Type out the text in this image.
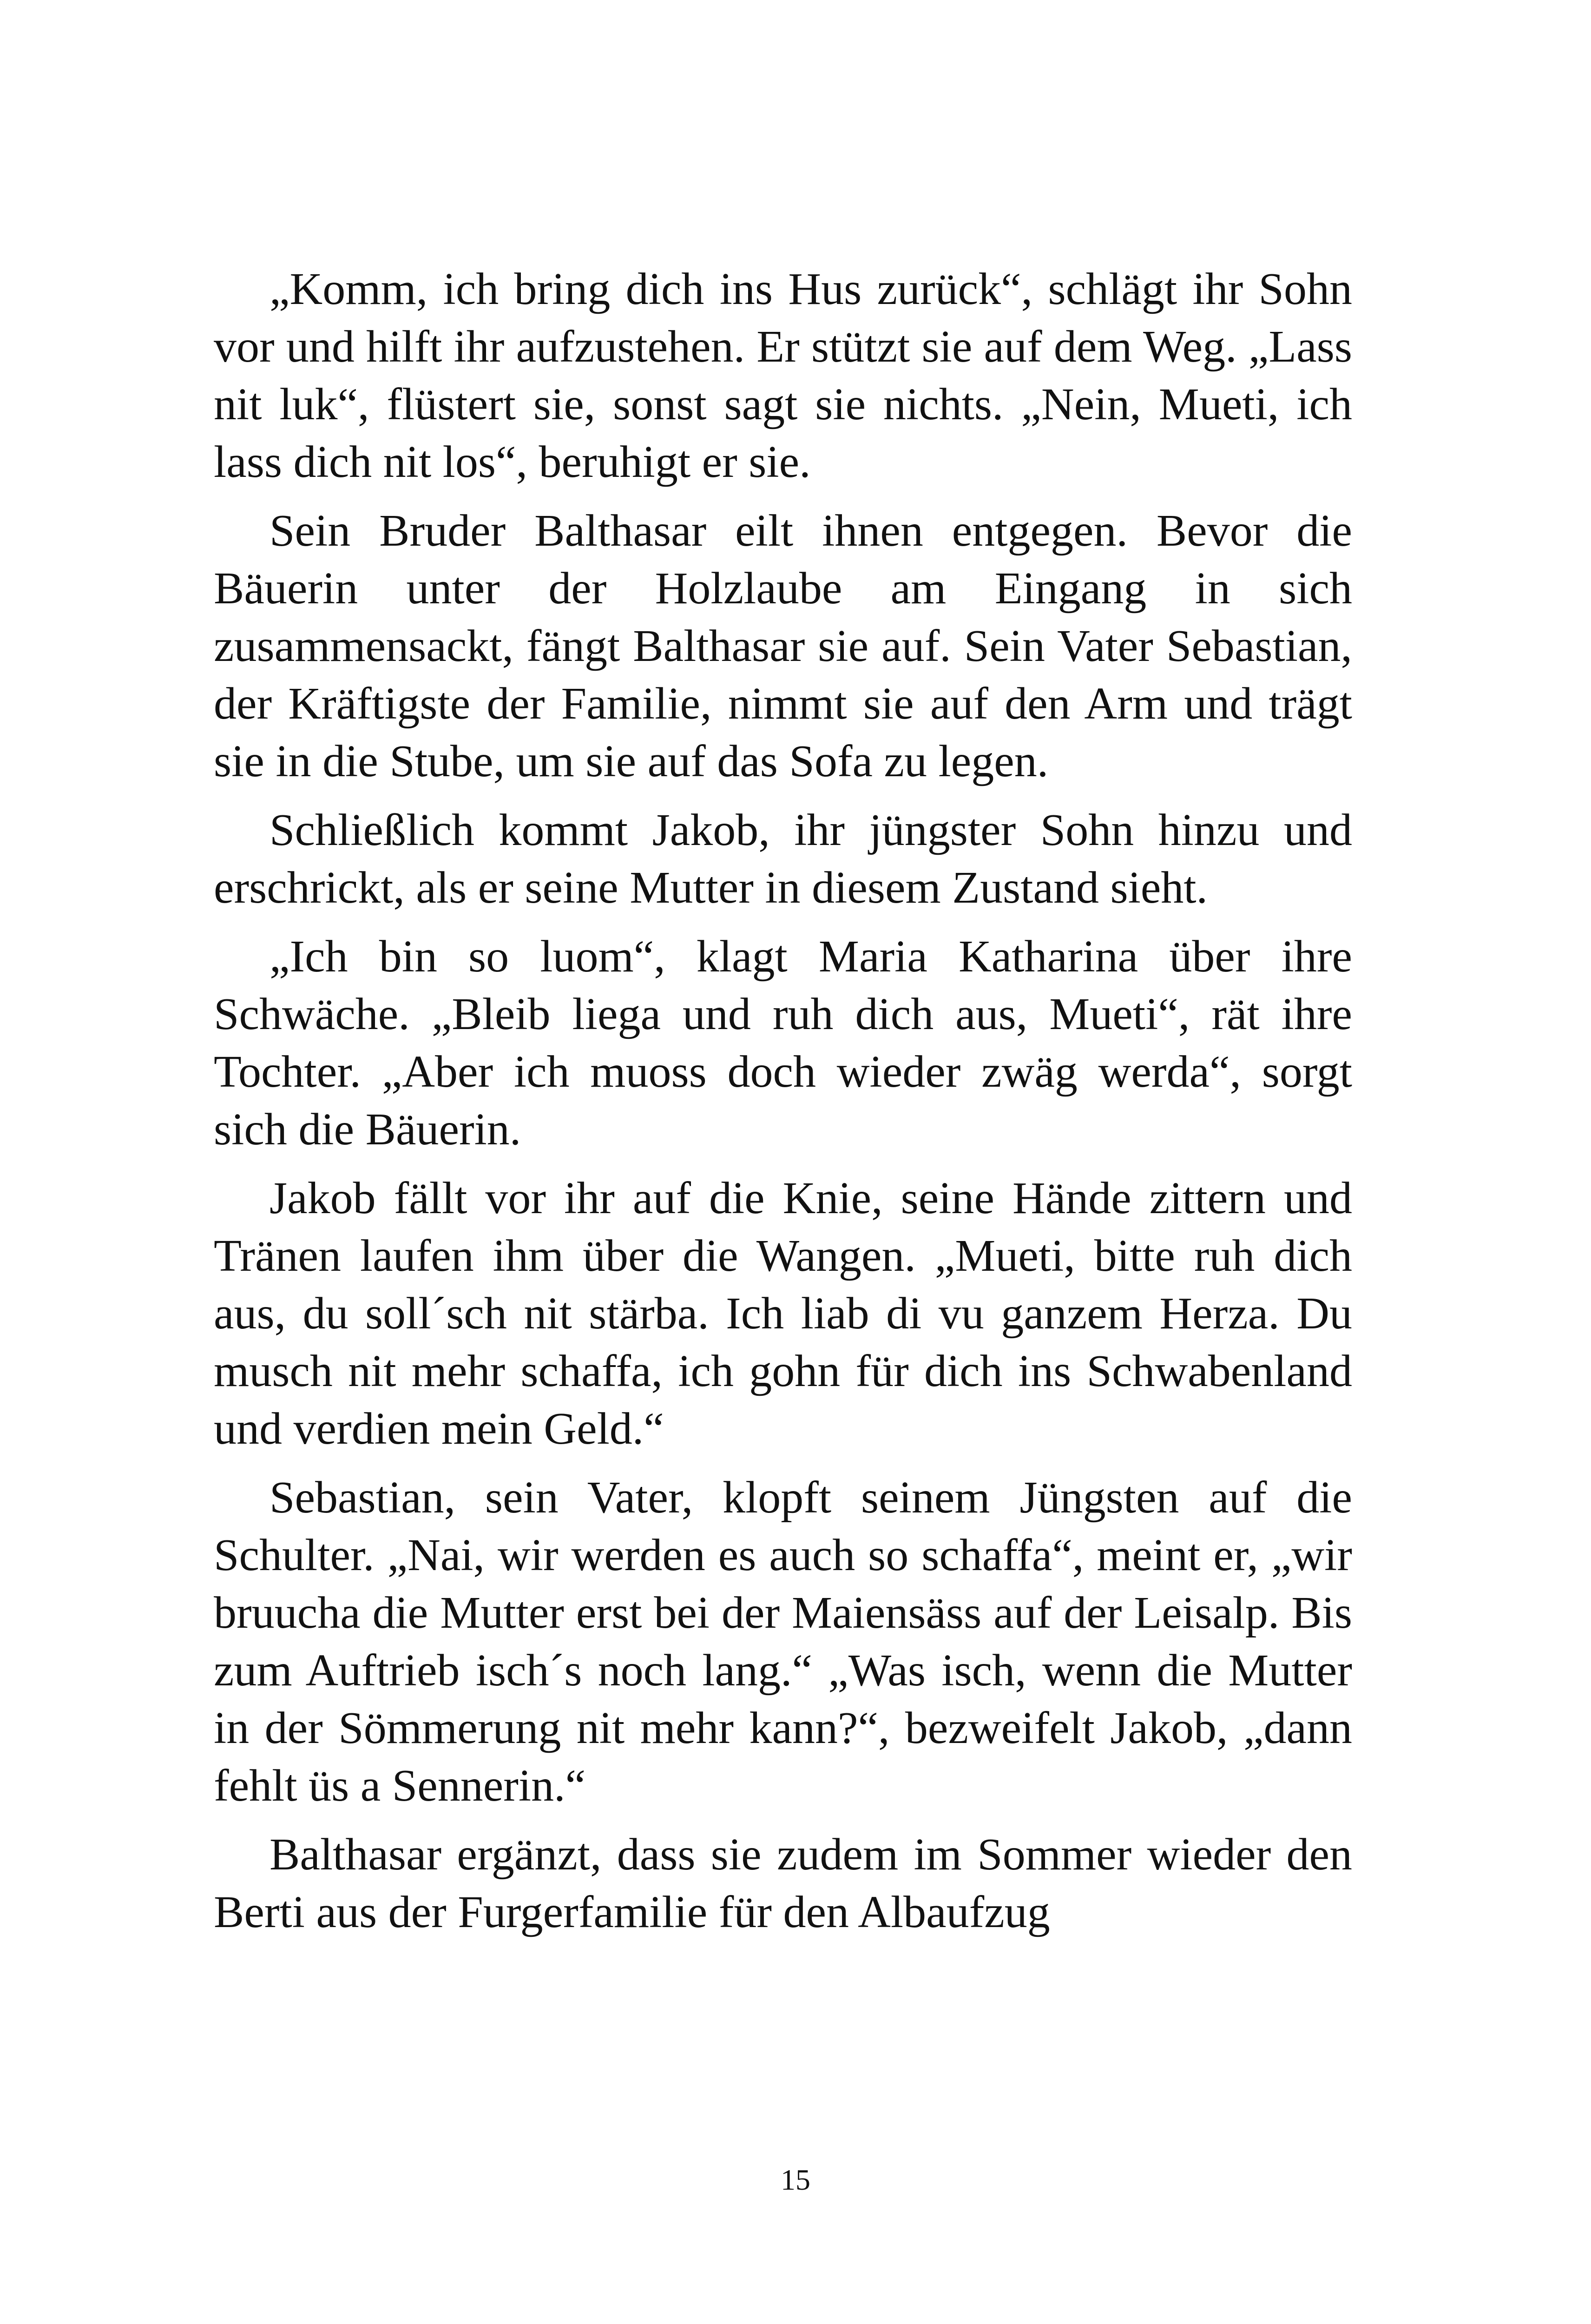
„Komm, ich bring dich ins Hus zurück“, schlägt ihr Sohn vor und hilft ihr aufzustehen. Er stützt sie auf dem Weg. „Lass nit luk“, flüstert sie, sonst sagt sie nichts. „Nein, Mueti, ich lass dich nit los“, beruhigt er sie.

Sein Bruder Balthasar eilt ihnen entgegen. Bevor die Bäuerin unter der Holzlaube am Eingang in sich zusammensackt, fängt Balthasar sie auf. Sein Vater Sebastian, der Kräftigste der Familie, nimmt sie auf den Arm und trägt sie in die Stube, um sie auf das Sofa zu legen.

Schließlich kommt Jakob, ihr jüngster Sohn hinzu und erschrickt, als er seine Mutter in diesem Zustand sieht.

„Ich bin so luom“, klagt Maria Katharina über ihre Schwäche. „Bleib liega und ruh dich aus, Mueti“, rät ihre Tochter. „Aber ich muoss doch wieder zwäg werda“, sorgt sich die Bäuerin.

Jakob fällt vor ihr auf die Knie, seine Hände zittern und Tränen laufen ihm über die Wangen. „Mueti, bitte ruh dich aus, du soll´sch nit stärba. Ich liab di vu ganzem Herza. Du musch nit mehr schaffa, ich gohn für dich ins Schwabenland und verdien mein Geld.“

Sebastian, sein Vater, klopft seinem Jüngsten auf die Schulter. „Nai, wir werden es auch so schaffa“, meint er, „wir bruucha die Mutter erst bei der Maiensäss auf der Leisalp. Bis zum Auftrieb isch´s noch lang.“ „Was isch, wenn die Mutter in der Sömmerung nit mehr kann?“, bezweifelt Jakob, „dann fehlt üs a Sennerin.“

Balthasar ergänzt, dass sie zudem im Sommer wieder den Berti aus der Furgerfamilie für den Albaufzug

15
